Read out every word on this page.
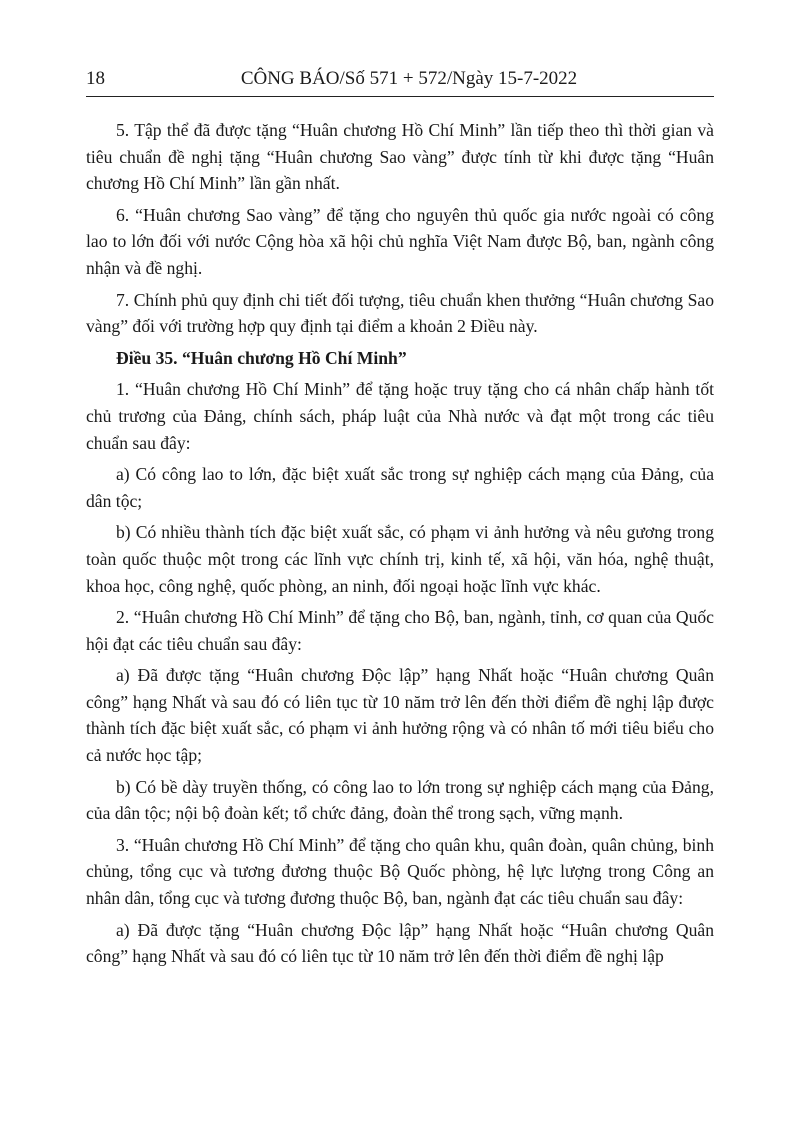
18	CÔNG BÁO/Số 571 + 572/Ngày 15-7-2022

5. Tập thể đã được tặng “Huân chương Hồ Chí Minh” lần tiếp theo thì thời gian và tiêu chuẩn đề nghị tặng “Huân chương Sao vàng” được tính từ khi được tặng “Huân chương Hồ Chí Minh” lần gần nhất.

6. “Huân chương Sao vàng” để tặng cho nguyên thủ quốc gia nước ngoài có công lao to lớn đối với nước Cộng hòa xã hội chủ nghĩa Việt Nam được Bộ, ban, ngành công nhận và đề nghị.

7. Chính phủ quy định chi tiết đối tượng, tiêu chuẩn khen thưởng “Huân chương Sao vàng” đối với trường hợp quy định tại điểm a khoản 2 Điều này.

Điều 35. “Huân chương Hồ Chí Minh”

1. “Huân chương Hồ Chí Minh” để tặng hoặc truy tặng cho cá nhân chấp hành tốt chủ trương của Đảng, chính sách, pháp luật của Nhà nước và đạt một trong các tiêu chuẩn sau đây:

a) Có công lao to lớn, đặc biệt xuất sắc trong sự nghiệp cách mạng của Đảng, của dân tộc;

b) Có nhiều thành tích đặc biệt xuất sắc, có phạm vi ảnh hưởng và nêu gương trong toàn quốc thuộc một trong các lĩnh vực chính trị, kinh tế, xã hội, văn hóa, nghệ thuật, khoa học, công nghệ, quốc phòng, an ninh, đối ngoại hoặc lĩnh vực khác.

2. “Huân chương Hồ Chí Minh” để tặng cho Bộ, ban, ngành, tỉnh, cơ quan của Quốc hội đạt các tiêu chuẩn sau đây:

a) Đã được tặng “Huân chương Độc lập” hạng Nhất hoặc “Huân chương Quân công” hạng Nhất và sau đó có liên tục từ 10 năm trở lên đến thời điểm đề nghị lập được thành tích đặc biệt xuất sắc, có phạm vi ảnh hưởng rộng và có nhân tố mới tiêu biểu cho cả nước học tập;

b) Có bề dày truyền thống, có công lao to lớn trong sự nghiệp cách mạng của Đảng, của dân tộc; nội bộ đoàn kết; tổ chức đảng, đoàn thể trong sạch, vững mạnh.

3. “Huân chương Hồ Chí Minh” để tặng cho quân khu, quân đoàn, quân chủng, binh chủng, tổng cục và tương đương thuộc Bộ Quốc phòng, hệ lực lượng trong Công an nhân dân, tổng cục và tương đương thuộc Bộ, ban, ngành đạt các tiêu chuẩn sau đây:

a) Đã được tặng “Huân chương Độc lập” hạng Nhất hoặc “Huân chương Quân công” hạng Nhất và sau đó có liên tục từ 10 năm trở lên đến thời điểm đề nghị lập
